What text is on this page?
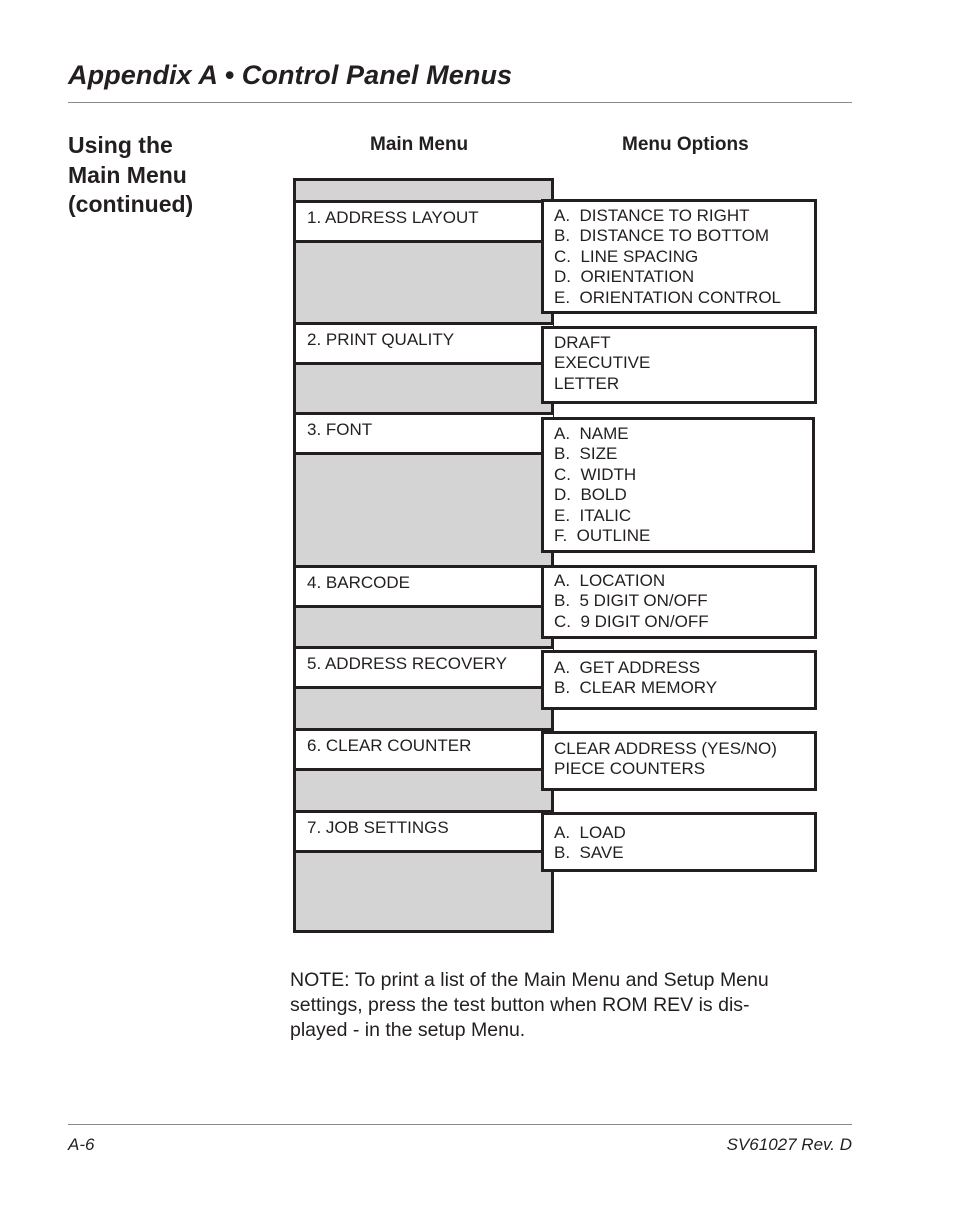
Appendix A • Control Panel Menus
Using the
Main Menu
(continued)
Main Menu	Menu Options
1. ADDRESS LAYOUT
2. PRINT QUALITY
3. FONT
4. BARCODE
5. ADDRESS RECOVERY
6. CLEAR COUNTER
7. JOB SETTINGS
A.  DISTANCE TO RIGHT
B.  DISTANCE TO BOTTOM
C.  LINE SPACING
D.  ORIENTATION
E.  ORIENTATION CONTROL
DRAFT
EXECUTIVE
LETTER
A.  NAME
B.  SIZE
C.  WIDTH
D.  BOLD
E.  ITALIC
F.  OUTLINE
A.  LOCATION
B.  5 DIGIT ON/OFF
C.  9 DIGIT ON/OFF
A.  GET ADDRESS
B.  CLEAR MEMORY
CLEAR ADDRESS (YES/NO)
PIECE COUNTERS
A.  LOAD
B.  SAVE
NOTE: To print a list of the Main Menu and Setup Menu
settings, press the test button when ROM REV is dis-
played - in the setup Menu.
A-6	SV61027 Rev. D
